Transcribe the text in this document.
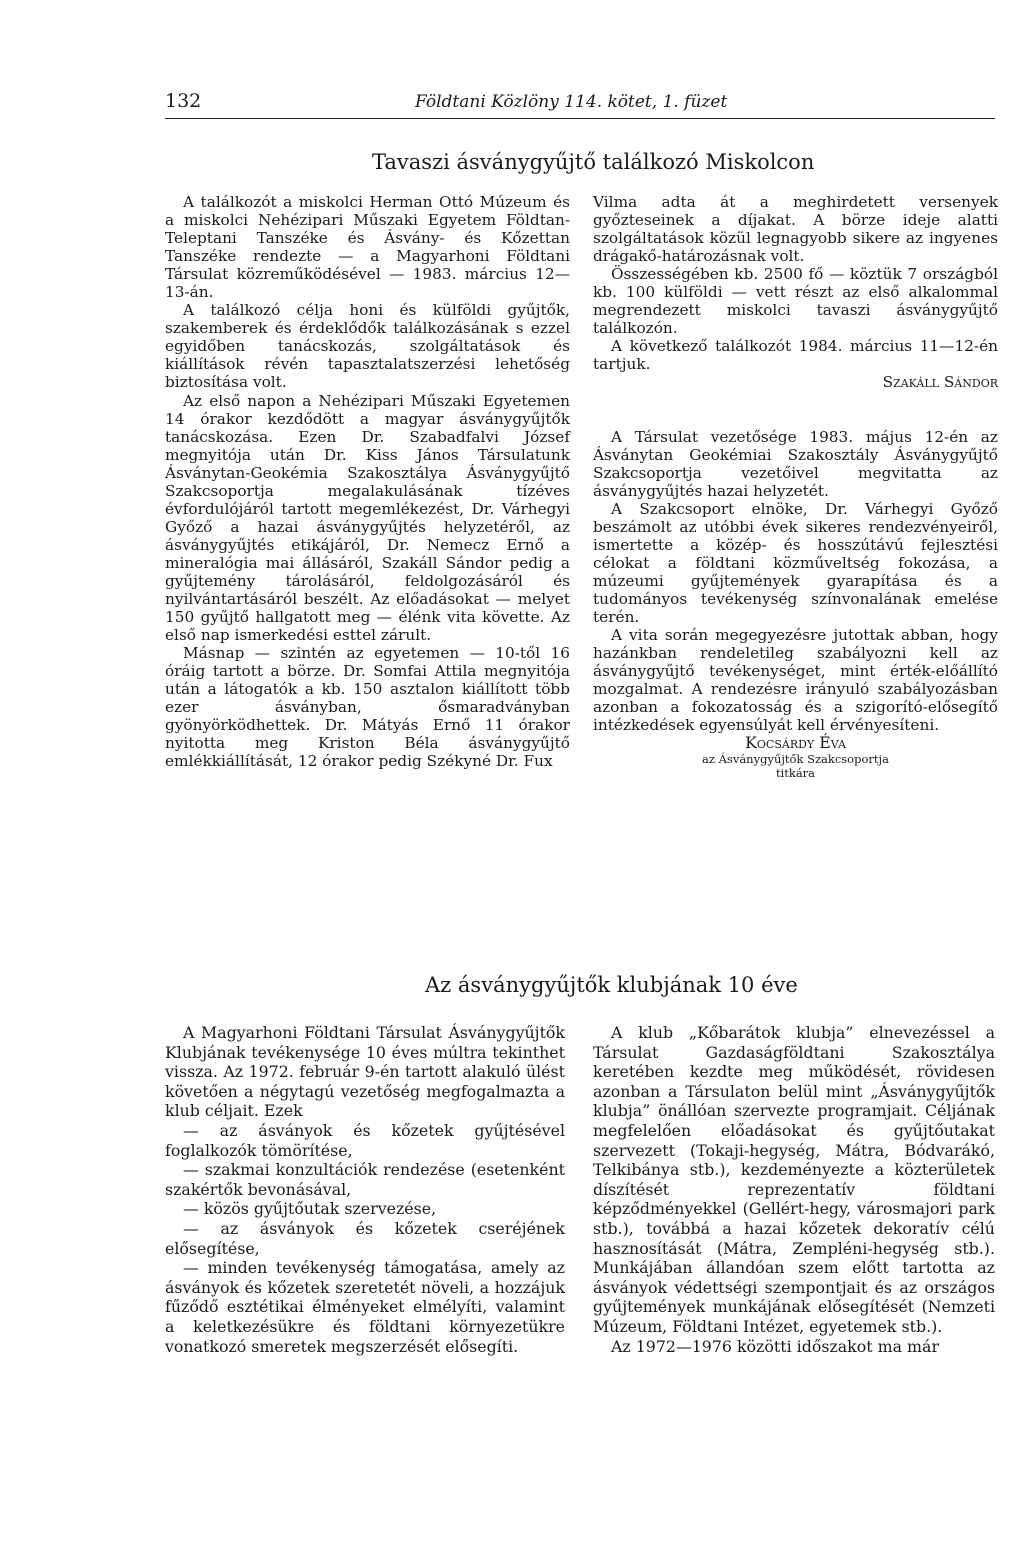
132	Földtani Közlöny 114. kötet, 1. füzet
Tavaszi ásványgyűjtő találkozó Miskolcon

A találkozót a miskolci Herman Ottó Múzeum és a miskolci Nehézipari Műszaki Egyetem Földtan-Teleptani Tanszéke és Ásvány- és Kőzettan Tanszéke rendezte — a Magyarhoni Földtani Társulat közreműködésével — 1983. március 12—13-án.

A találkozó célja honi és külföldi gyűjtők, szakemberek és érdeklődők találkozásának s ezzel egyidőben tanácskozás, szolgáltatások és kiállítások révén tapasztalatszerzési lehetőség biztosítása volt.

Az első napon a Nehézipari Műszaki Egyetemen 14 órakor kezdődött a magyar ásványgyűjtők tanácskozása. Ezen Dr. Szabadfalvi József megnyitója után Dr. Kiss János Társulatunk Ásványtan-Geokémia Szakosztálya Ásványgyűjtő Szakcsoportja megalakulásának tízéves évfordulójáról tartott megemlékezést, Dr. Várhegyi Győző a hazai ásványgyűjtés helyzetéről, az ásványgyűjtés etikájáról, Dr. Nemecz Ernő a mineralógia mai állásáról, Szakáll Sándor pedig a gyűjtemény tárolásáról, feldolgozásáról és nyilvántartásáról beszélt. Az előadásokat — melyet 150 gyűjtő hallgatott meg — élénk vita követte. Az első nap ismerkedési esttel zárult.

Másnap — szintén az egyetemen — 10-től 16 óráig tartott a börze. Dr. Somfai Attila megnyitója után a látogatók a kb. 150 asztalon kiállított több ezer ásványban, ősmaradványban gyönyörködhettek. Dr. Mátyás Ernő 11 órakor nyitotta meg Kriston Béla ásványgyűjtő emlékkiállítását, 12 órakor pedig Székyné Dr. Fux

Vilma adta át a meghirdetett versenyek győzteseinek a díjakat. A börze ideje alatti szolgáltatások közül legnagyobb sikere az ingyenes drágakő-határozásnak volt.

Összességében kb. 2500 fő — köztük 7 országból kb. 100 külföldi — vett részt az első alkalommal megrendezett miskolci tavaszi ásványgyűjtő találkozón.

A következő találkozót 1984. március 11—12-én tartjuk.

Szakáll Sándor

A Társulat vezetősége 1983. május 12-én az Ásványtan Geokémiai Szakosztály Ásványgyűjtő Szakcsoportja vezetőivel megvitatta az ásványgyűjtés hazai helyzetét.

A Szakcsoport elnöke, Dr. Várhegyi Győző beszámolt az utóbbi évek sikeres rendezvényeiről, ismertette a közép- és hosszútávú fejlesztési célokat a földtani közműveltség fokozása, a múzeumi gyűjtemények gyarapítása és a tudományos tevékenység színvonalának emelése terén.

A vita során megegyezésre jutottak abban, hogy hazánkban rendeletileg szabályozni kell az ásványgyűjtő tevékenységet, mint érték-előállító mozgalmat. A rendezésre irányuló szabályozásban azonban a fokozatosság és a szigorító-elősegítő intézkedések egyensúlyát kell érvényesíteni.

Kocsárdy Éva

az Ásványgyűjtők Szakcsoportja

titkára

Az ásványgyűjtők klubjának 10 éve

A Magyarhoni Földtani Társulat Ásványgyűjtők Klubjának tevékenysége 10 éves múltra tekinthet vissza. Az 1972. február 9-én tartott alakuló ülést követően a négytagú vezetőség megfogalmazta a klub céljait. Ezek

— az ásványok és kőzetek gyűjtésével foglalkozók tömörítése,

— szakmai konzultációk rendezése (esetenként szakértők bevonásával,

— közös gyűjtőutak szervezése,

— az ásványok és kőzetek cseréjének elősegítése,

— minden tevékenység támogatása, amely az ásványok és kőzetek szeretetét növeli, a hozzájuk fűződő esztétikai élményeket elmélyíti, valamint a keletkezésükre és földtani környezetükre vonatkozó smeretek megszerzését elősegíti.

A klub „Kőbarátok klubja” elnevezéssel a Társulat Gazdaságföldtani Szakosztálya keretében kezdte meg működését, rövidesen azonban a Társulaton belül mint „Ásványgyűjtők klubja” önállóan szervezte programjait. Céljának megfelelően előadásokat és gyűjtőutakat szervezett (Tokaji-hegység, Mátra, Bódvarákó, Telkibánya stb.), kezdeményezte a közterületek díszítését reprezentatív földtani képződményekkel (Gellért-hegy, városmajori park stb.), továbbá a hazai kőzetek dekoratív célú hasznosítását (Mátra, Zempléni-hegység stb.). Munkájában állandóan szem előtt tartotta az ásványok védettségi szempontjait és az országos gyűjtemények munkájának elősegítését (Nemzeti Múzeum, Földtani Intézet, egyetemek stb.).

Az 1972—1976 közötti időszakot ma már
